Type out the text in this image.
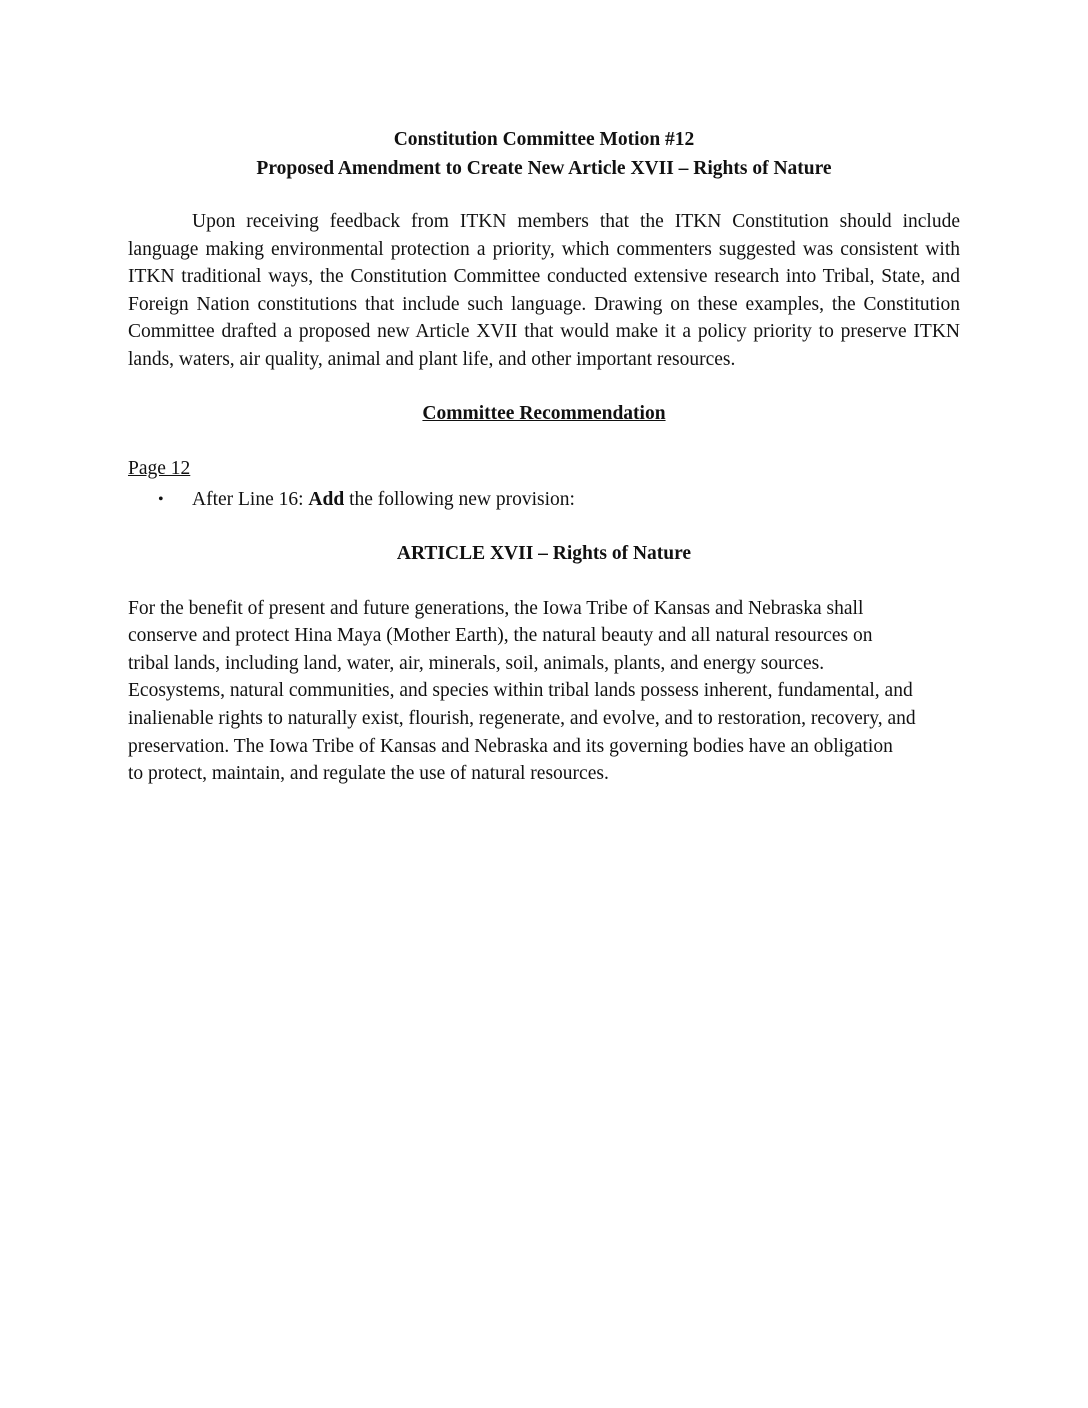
Constitution Committee Motion #12
Proposed Amendment to Create New Article XVII – Rights of Nature
Upon receiving feedback from ITKN members that the ITKN Constitution should include language making environmental protection a priority, which commenters suggested was consistent with ITKN traditional ways, the Constitution Committee conducted extensive research into Tribal, State, and Foreign Nation constitutions that include such language. Drawing on these examples, the Constitution Committee drafted a proposed new Article XVII that would make it a policy priority to preserve ITKN lands, waters, air quality, animal and plant life, and other important resources.
Committee Recommendation
Page 12
•	After Line 16: Add the following new provision:
ARTICLE XVII – Rights of Nature
For the benefit of present and future generations, the Iowa Tribe of Kansas and Nebraska shall
conserve and protect Hina Maya (Mother Earth), the natural beauty and all natural resources on
tribal lands, including land, water, air, minerals, soil, animals, plants, and energy sources.
Ecosystems, natural communities, and species within tribal lands possess inherent, fundamental, and
inalienable rights to naturally exist, flourish, regenerate, and evolve, and to restoration, recovery, and
preservation. The Iowa Tribe of Kansas and Nebraska and its governing bodies have an obligation
to protect, maintain, and regulate the use of natural resources.
